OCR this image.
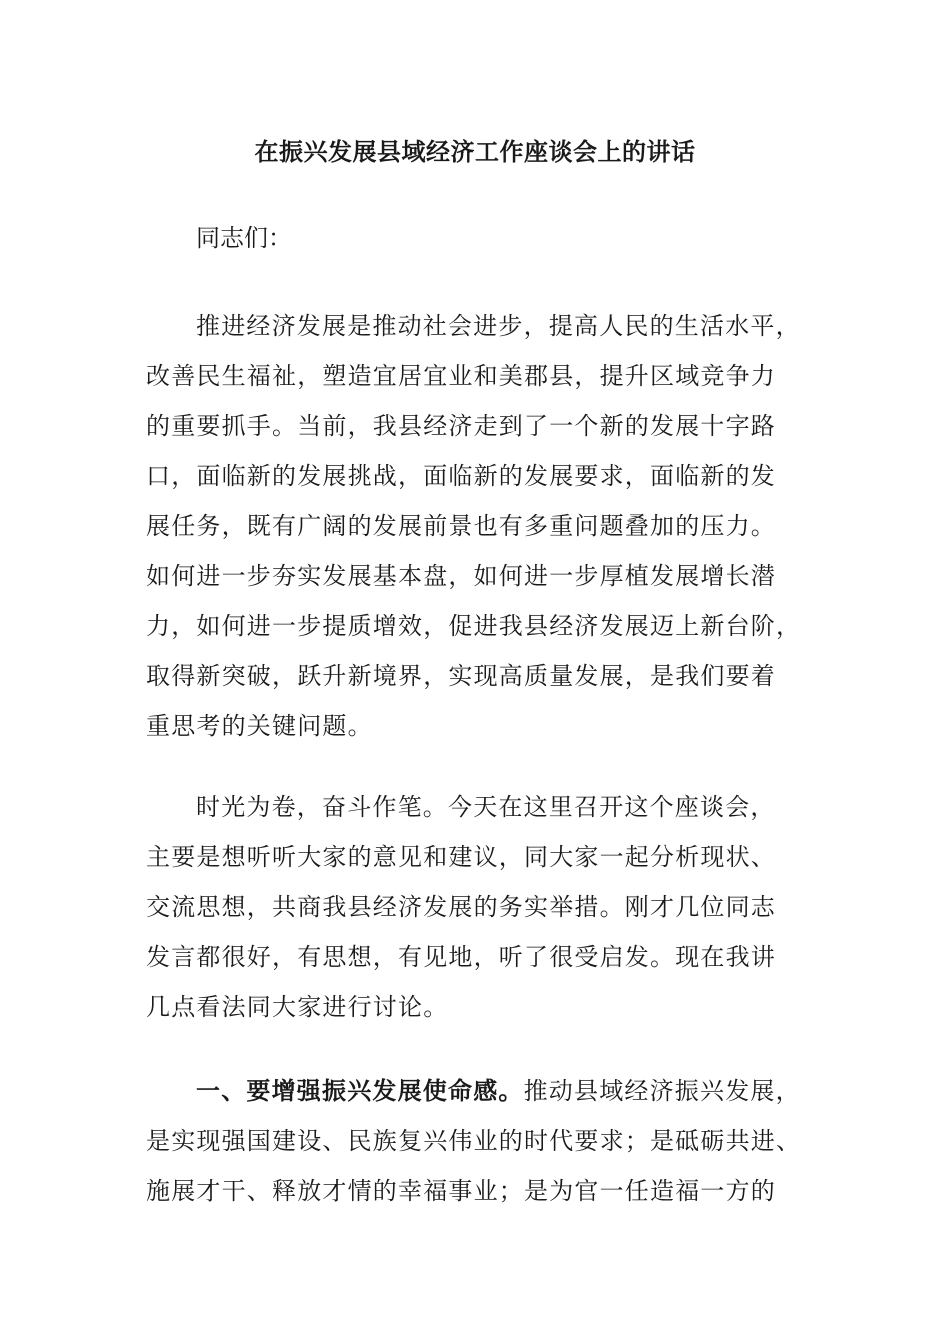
在振兴发展县域经济工作座谈会上的讲话

同志们：

推进经济发展是推动社会进步，提高人民的生活水平，
改善民生福祉，塑造宜居宜业和美郡县，提升区域竞争力
的重要抓手。当前，我县经济走到了一个新的发展十字路
口，面临新的发展挑战，面临新的发展要求，面临新的发
展任务，既有广阔的发展前景也有多重问题叠加的压力。
如何进一步夯实发展基本盘，如何进一步厚植发展增长潜
力，如何进一步提质增效，促进我县经济发展迈上新台阶，
取得新突破，跃升新境界，实现高质量发展，是我们要着
重思考的关键问题。
时光为卷，奋斗作笔。今天在这里召开这个座谈会，
主要是想听听大家的意见和建议，同大家一起分析现状、
交流思想，共商我县经济发展的务实举措。刚才几位同志
发言都很好，有思想，有见地，听了很受启发。现在我讲
几点看法同大家进行讨论。
一、要增强振兴发展使命感。推动县域经济振兴发展，
是实现强国建设、民族复兴伟业的时代要求；是砥砺共进、
施展才干、释放才情的幸福事业；是为官一任造福一方的
